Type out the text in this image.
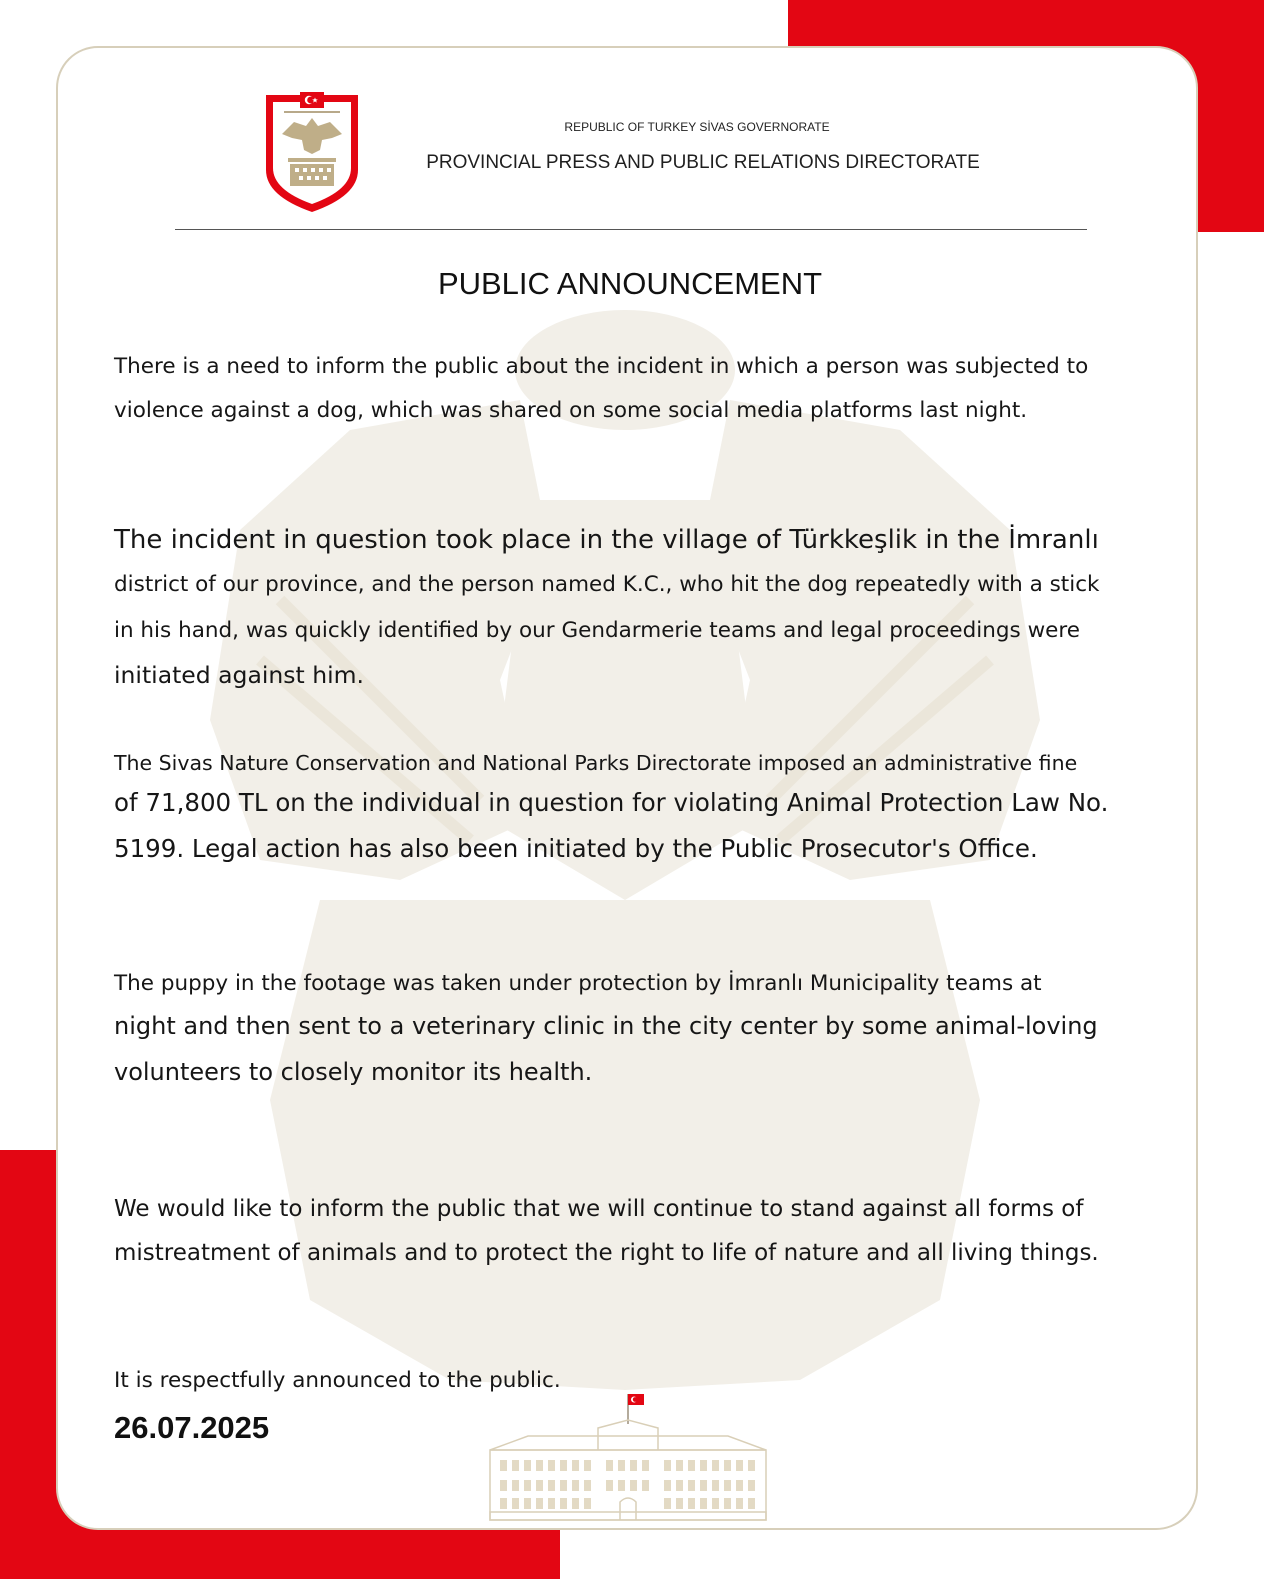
REPUBLIC OF TURKEY SİVAS GOVERNORATE
PROVINCIAL PRESS AND PUBLIC RELATIONS DIRECTORATE
PUBLIC ANNOUNCEMENT
There is a need to inform the public about the incident in which a person was subjected to
violence against a dog, which was shared on some social media platforms last night.
The incident in question took place in the village of Türkkeşlik in the İmranlı
district of our province, and the person named K.C., who hit the dog repeatedly with a stick
in his hand, was quickly identified by our Gendarmerie teams and legal proceedings were
initiated against him.
The Sivas Nature Conservation and National Parks Directorate imposed an administrative fine
of 71,800 TL on the individual in question for violating Animal Protection Law No.
5199. Legal action has also been initiated by the Public Prosecutor's Office.
The puppy in the footage was taken under protection by İmranlı Municipality teams at
night and then sent to a veterinary clinic in the city center by some animal-loving
volunteers to closely monitor its health.
We would like to inform the public that we will continue to stand against all forms of
mistreatment of animals and to protect the right to life of nature and all living things.
It is respectfully announced to the public.
26.07.2025
